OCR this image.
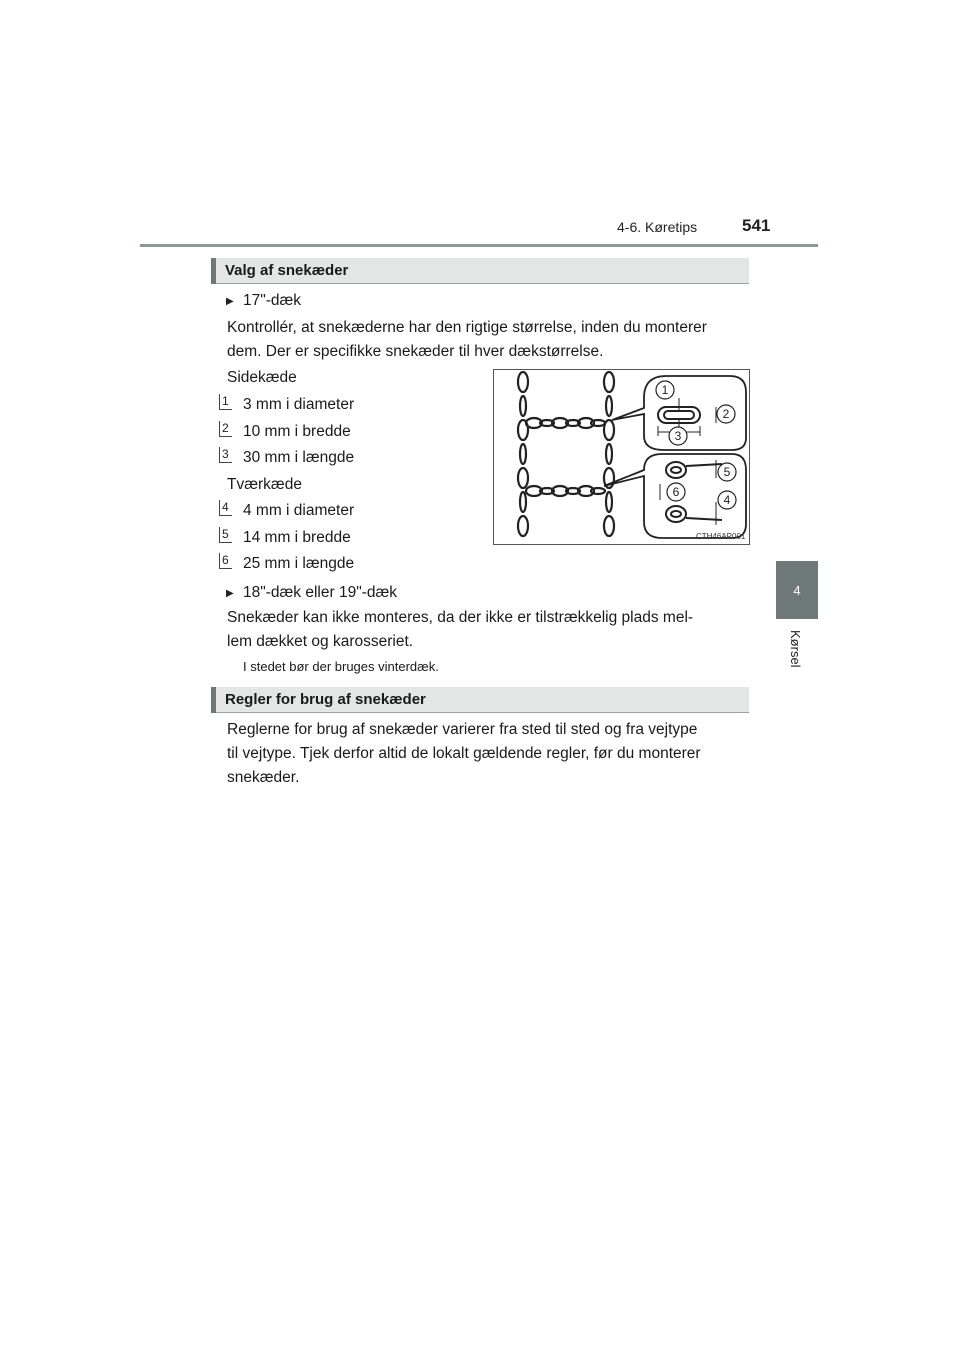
4-6. Køretips	541
4
Kørsel
Valg af snekæder
▶ 17"-dæk
Kontrollér, at snekæderne har den rigtige størrelse, inden du monterer
dem. Der er specifikke snekæder til hver dækstørrelse.
Sidekæde
1 3 mm i diameter
2 10 mm i bredde
3 30 mm i længde
Tværkæde
4 4 mm i diameter
5 14 mm i bredde
6 25 mm i længde
▶ 18"-dæk eller 19"-dæk
Snekæder kan ikke monteres, da der ikke er tilstrækkelig plads mel-
lem dækket og karosseriet.
I stedet bør der bruges vinterdæk.
1
2
3
5
6
4
CTH46AP001
Regler for brug af snekæder
Reglerne for brug af snekæder varierer fra sted til sted og fra vejtype
til vejtype. Tjek derfor altid de lokalt gældende regler, før du monterer
snekæder.
